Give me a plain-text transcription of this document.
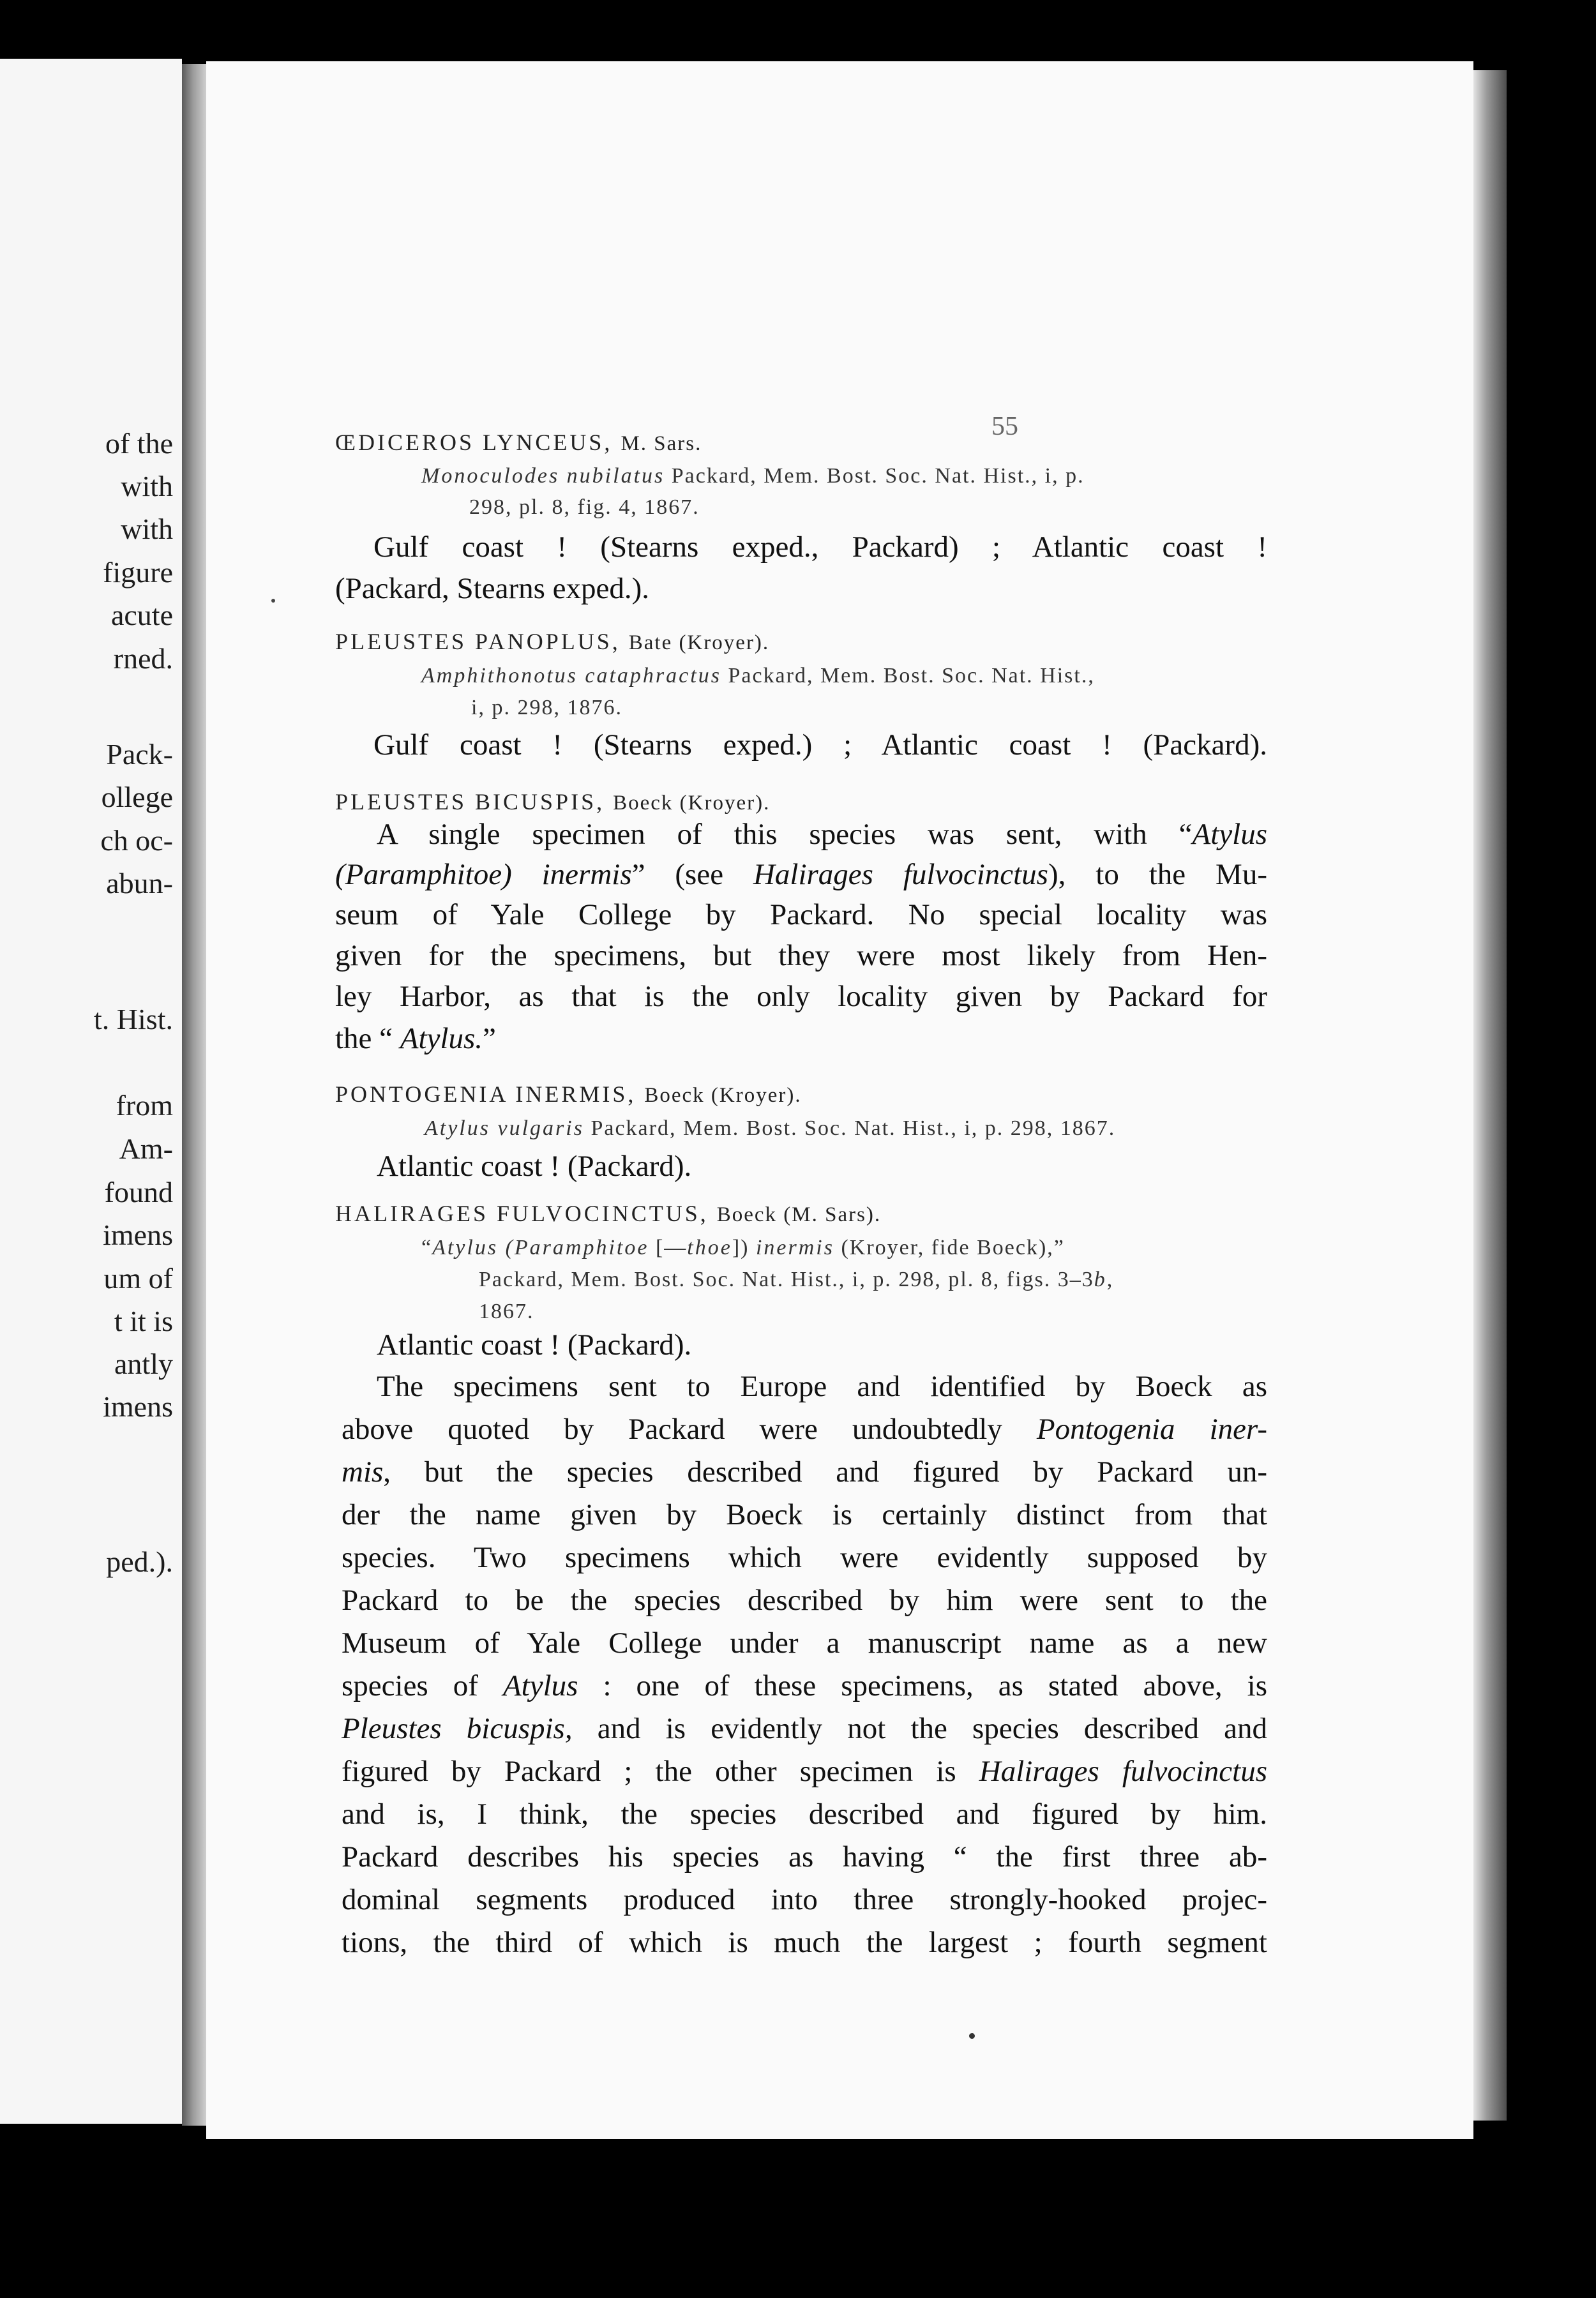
of the
with
with
figure
acute
rned.
Pack-
ollege
ch oc-
abun-
t. Hist.
from
Am-
found
imens
um of
t it is
antly
imens
ped.).
55
ŒDICEROS LYNCEUS, M. Sars.
Monoculodes nubilatus Packard, Mem. Bost. Soc. Nat. Hist., i, p.
298, pl. 8, fig. 4, 1867.
Gulf coast ! (Stearns exped., Packard) ; Atlantic coast !
(Packard, Stearns exped.).
PLEUSTES PANOPLUS, Bate (Kroyer).
Amphithonotus cataphractus Packard, Mem. Bost. Soc. Nat. Hist.,
i, p. 298, 1876.
Gulf coast ! (Stearns exped.) ; Atlantic coast ! (Packard).
PLEUSTES BICUSPIS, Boeck (Kroyer).
A single specimen of this species was sent, with “Atylus
(Paramphitoe) inermis” (see Halirages fulvocinctus), to the Mu-
seum of Yale College by Packard. No special locality was
given for the specimens, but they were most likely from Hen-
ley Harbor, as that is the only locality given by Packard for
the “ Atylus.”
PONTOGENIA INERMIS, Boeck (Kroyer).
Atylus vulgaris Packard, Mem. Bost. Soc. Nat. Hist., i, p. 298, 1867.
Atlantic coast ! (Packard).
HALIRAGES FULVOCINCTUS, Boeck (M. Sars).
“Atylus (Paramphitoe [—thoe]) inermis (Kroyer, fide Boeck),”
Packard, Mem. Bost. Soc. Nat. Hist., i, p. 298, pl. 8, figs. 3–3b,
1867.
Atlantic coast ! (Packard).
The specimens sent to Europe and identified by Boeck as
above quoted by Packard were undoubtedly Pontogenia iner-
mis, but the species described and figured by Packard un-
der the name given by Boeck is certainly distinct from that
species. Two specimens which were evidently supposed by
Packard to be the species described by him were sent to the
Museum of Yale College under a manuscript name as a new
species of Atylus : one of these specimens, as stated above, is
Pleustes bicuspis, and is evidently not the species described and
figured by Packard ; the other specimen is Halirages fulvocinctus
and is, I think, the species described and figured by him.
Packard describes his species as having “ the first three ab-
dominal segments produced into three strongly-hooked projec-
tions, the third of which is much the largest ; fourth segment
